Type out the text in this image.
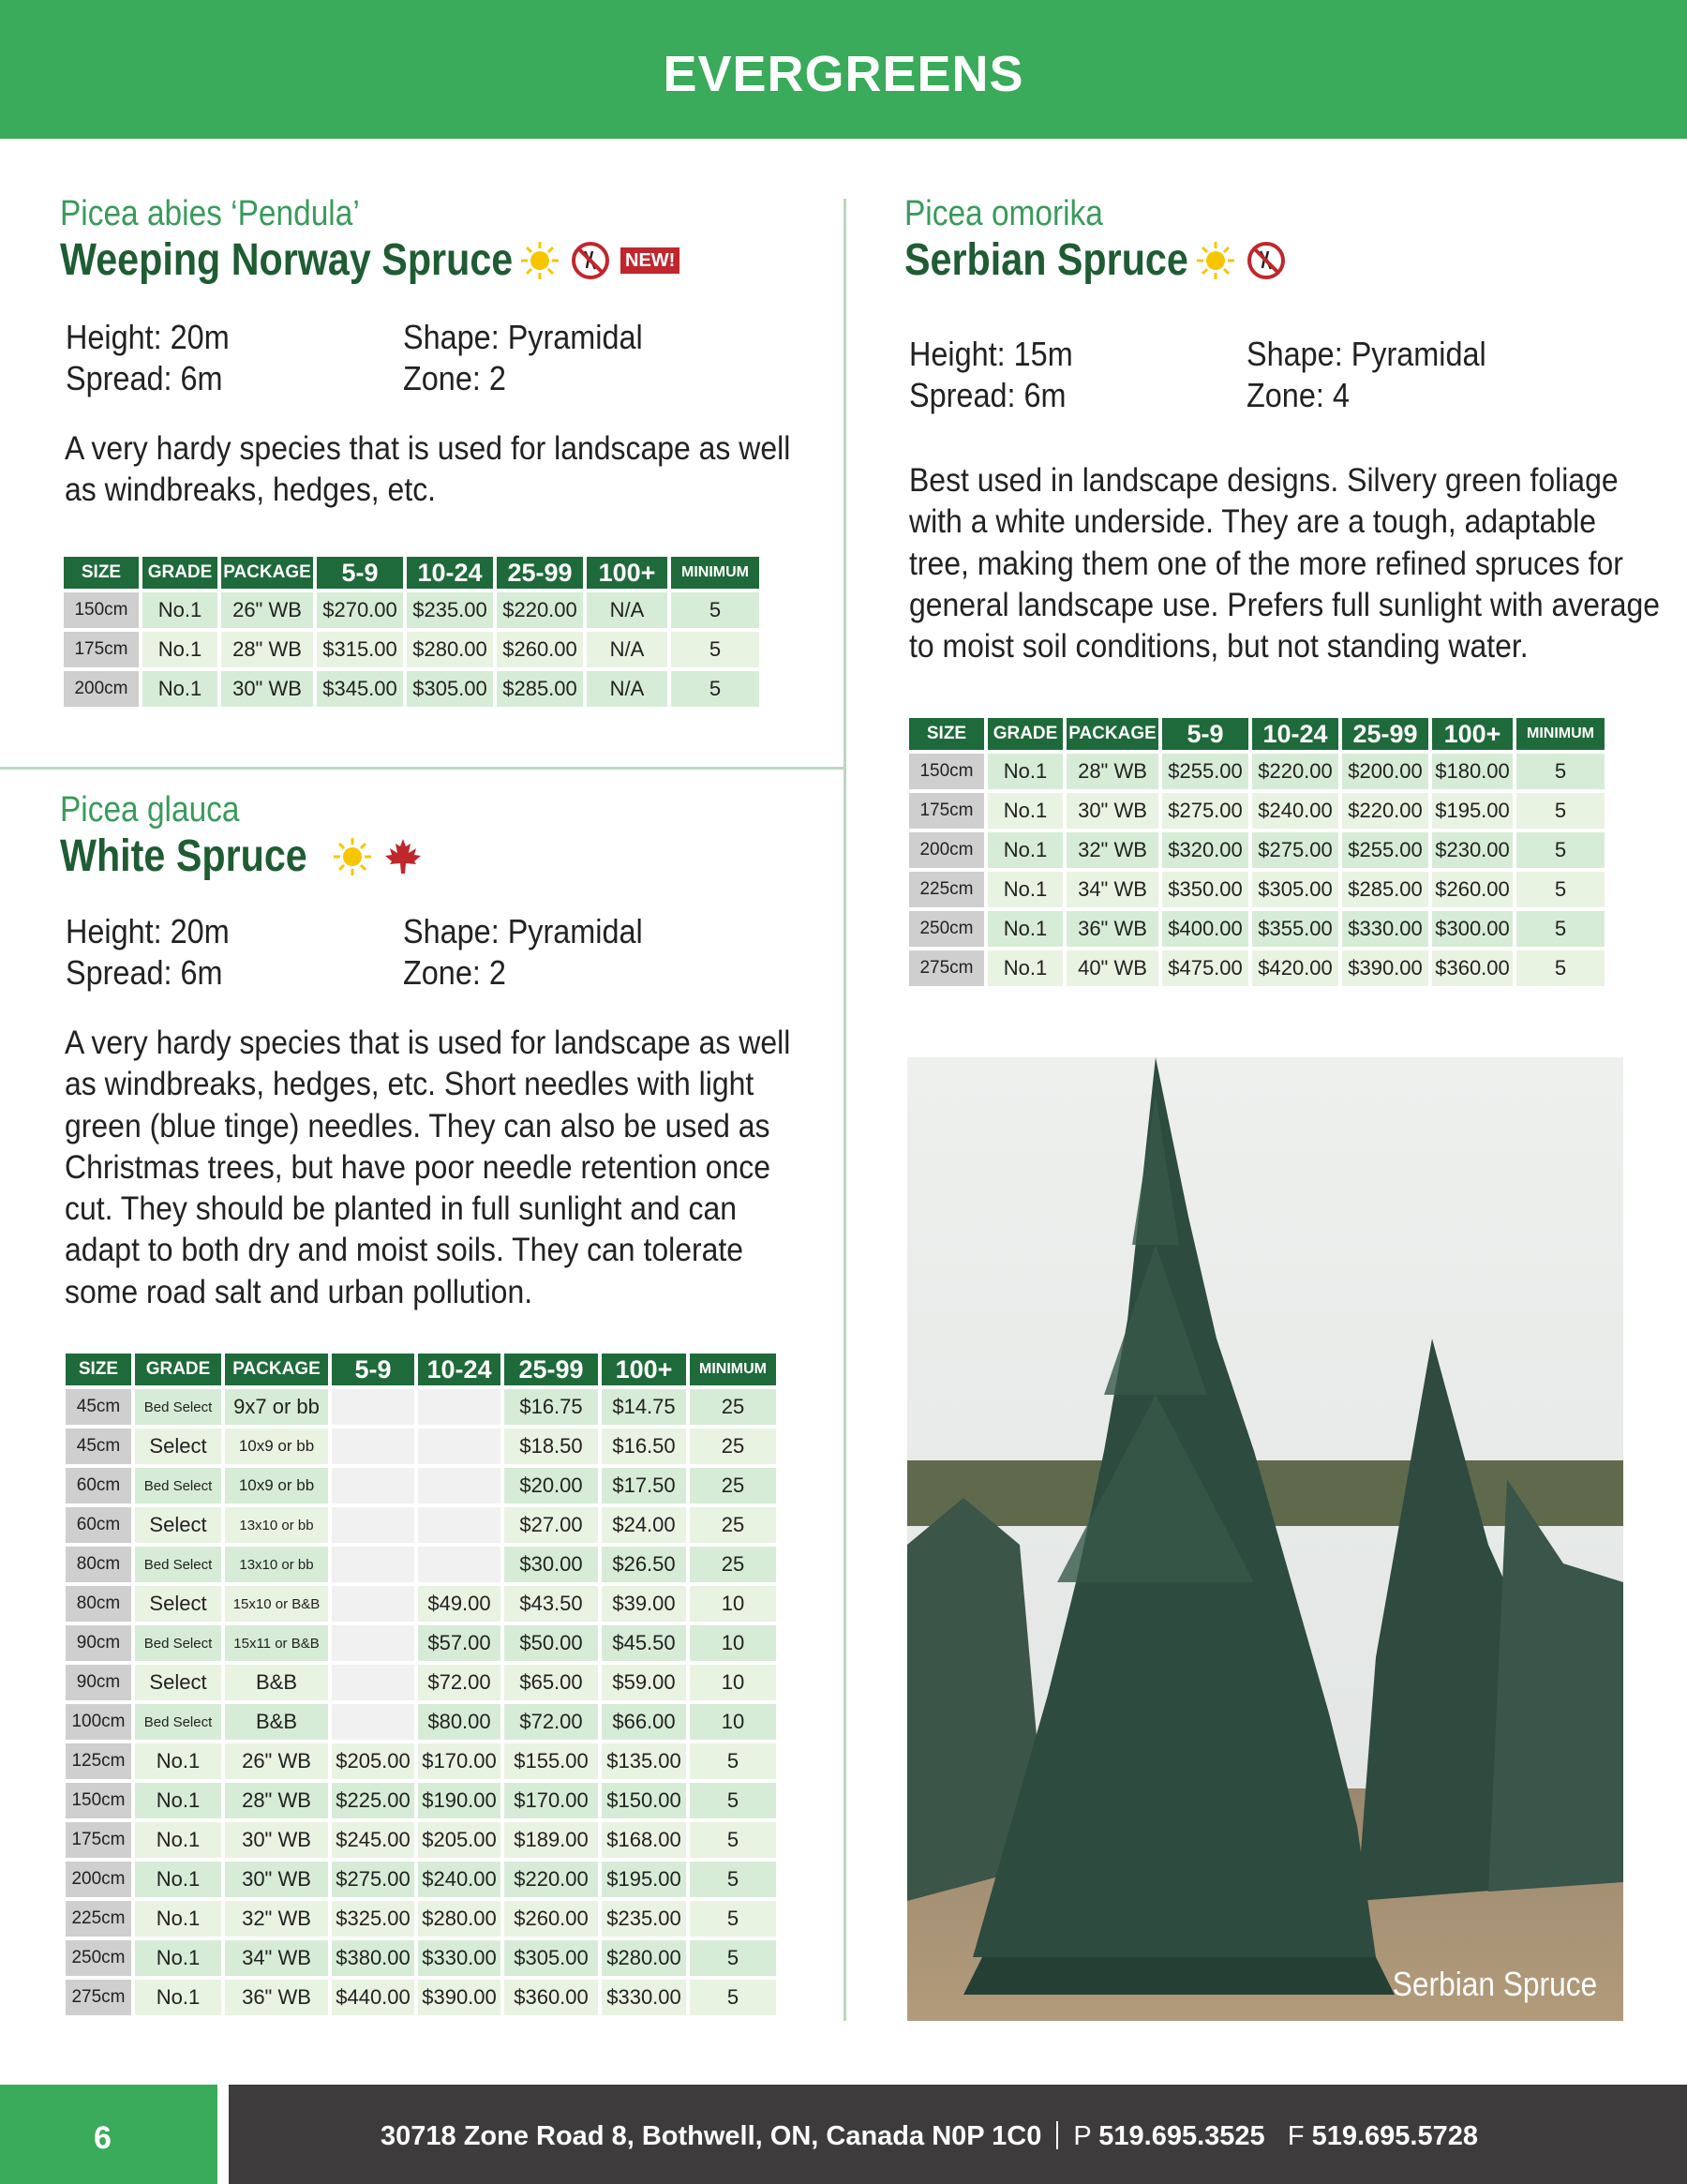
EVERGREENS
Picea abies ‘Pendula’
Weeping Norway Spruce	NEW!
Height: 20m
Spread: 6m
Shape: Pyramidal
Zone: 2
A very hardy species that is used for landscape as well
as windbreaks, hedges, etc.
SIZE	GRADE	PACKAGE	5-9	10-24	25-99	100+	MINIMUM
150cm	No.1	26" WB	$270.00	$235.00	$220.00	N/A	5
175cm	No.1	28" WB	$315.00	$280.00	$260.00	N/A	5
200cm	No.1	30" WB	$345.00	$305.00	$285.00	N/A	5
Picea glauca
White Spruce
Height: 20m
Spread: 6m
Shape: Pyramidal
Zone: 2
A very hardy species that is used for landscape as well
as windbreaks, hedges, etc. Short needles with light
green (blue tinge) needles. They can also be used as
Christmas trees, but have poor needle retention once
cut. They should be planted in full sunlight and can
adapt to both dry and moist soils. They can tolerate
some road salt and urban pollution.
SIZE	GRADE	PACKAGE	5-9	10-24	25-99	100+	MINIMUM
45cm	Bed Select	9x7 or bb			$16.75	$14.75	25
45cm	Select	10x9 or bb			$18.50	$16.50	25
60cm	Bed Select	10x9 or bb			$20.00	$17.50	25
60cm	Select	13x10 or bb			$27.00	$24.00	25
80cm	Bed Select	13x10 or bb			$30.00	$26.50	25
80cm	Select	15x10 or B&B		$49.00	$43.50	$39.00	10
90cm	Bed Select	15x11 or B&B		$57.00	$50.00	$45.50	10
90cm	Select	B&B		$72.00	$65.00	$59.00	10
100cm	Bed Select	B&B		$80.00	$72.00	$66.00	10
125cm	No.1	26" WB	$205.00	$170.00	$155.00	$135.00	5
150cm	No.1	28" WB	$225.00	$190.00	$170.00	$150.00	5
175cm	No.1	30" WB	$245.00	$205.00	$189.00	$168.00	5
200cm	No.1	30" WB	$275.00	$240.00	$220.00	$195.00	5
225cm	No.1	32" WB	$325.00	$280.00	$260.00	$235.00	5
250cm	No.1	34" WB	$380.00	$330.00	$305.00	$280.00	5
275cm	No.1	36" WB	$440.00	$390.00	$360.00	$330.00	5
Picea omorika
Serbian Spruce
Height: 15m
Spread: 6m
Shape: Pyramidal
Zone: 4
Best used in landscape designs. Silvery green foliage
with a white underside. They are a tough, adaptable
tree, making them one of the more refined spruces for
general landscape use. Prefers full sunlight with average
to moist soil conditions, but not standing water.
SIZE	GRADE	PACKAGE	5-9	10-24	25-99	100+	MINIMUM
150cm	No.1	28" WB	$255.00	$220.00	$200.00	$180.00	5
175cm	No.1	30" WB	$275.00	$240.00	$220.00	$195.00	5
200cm	No.1	32" WB	$320.00	$275.00	$255.00	$230.00	5
225cm	No.1	34" WB	$350.00	$305.00	$285.00	$260.00	5
250cm	No.1	36" WB	$400.00	$355.00	$330.00	$300.00	5
275cm	No.1	40" WB	$475.00	$420.00	$390.00	$360.00	5
Serbian Spruce
6	30718 Zone Road 8, Bothwell, ON, Canada N0P 1C0 P 519.695.3525 F 519.695.5728
